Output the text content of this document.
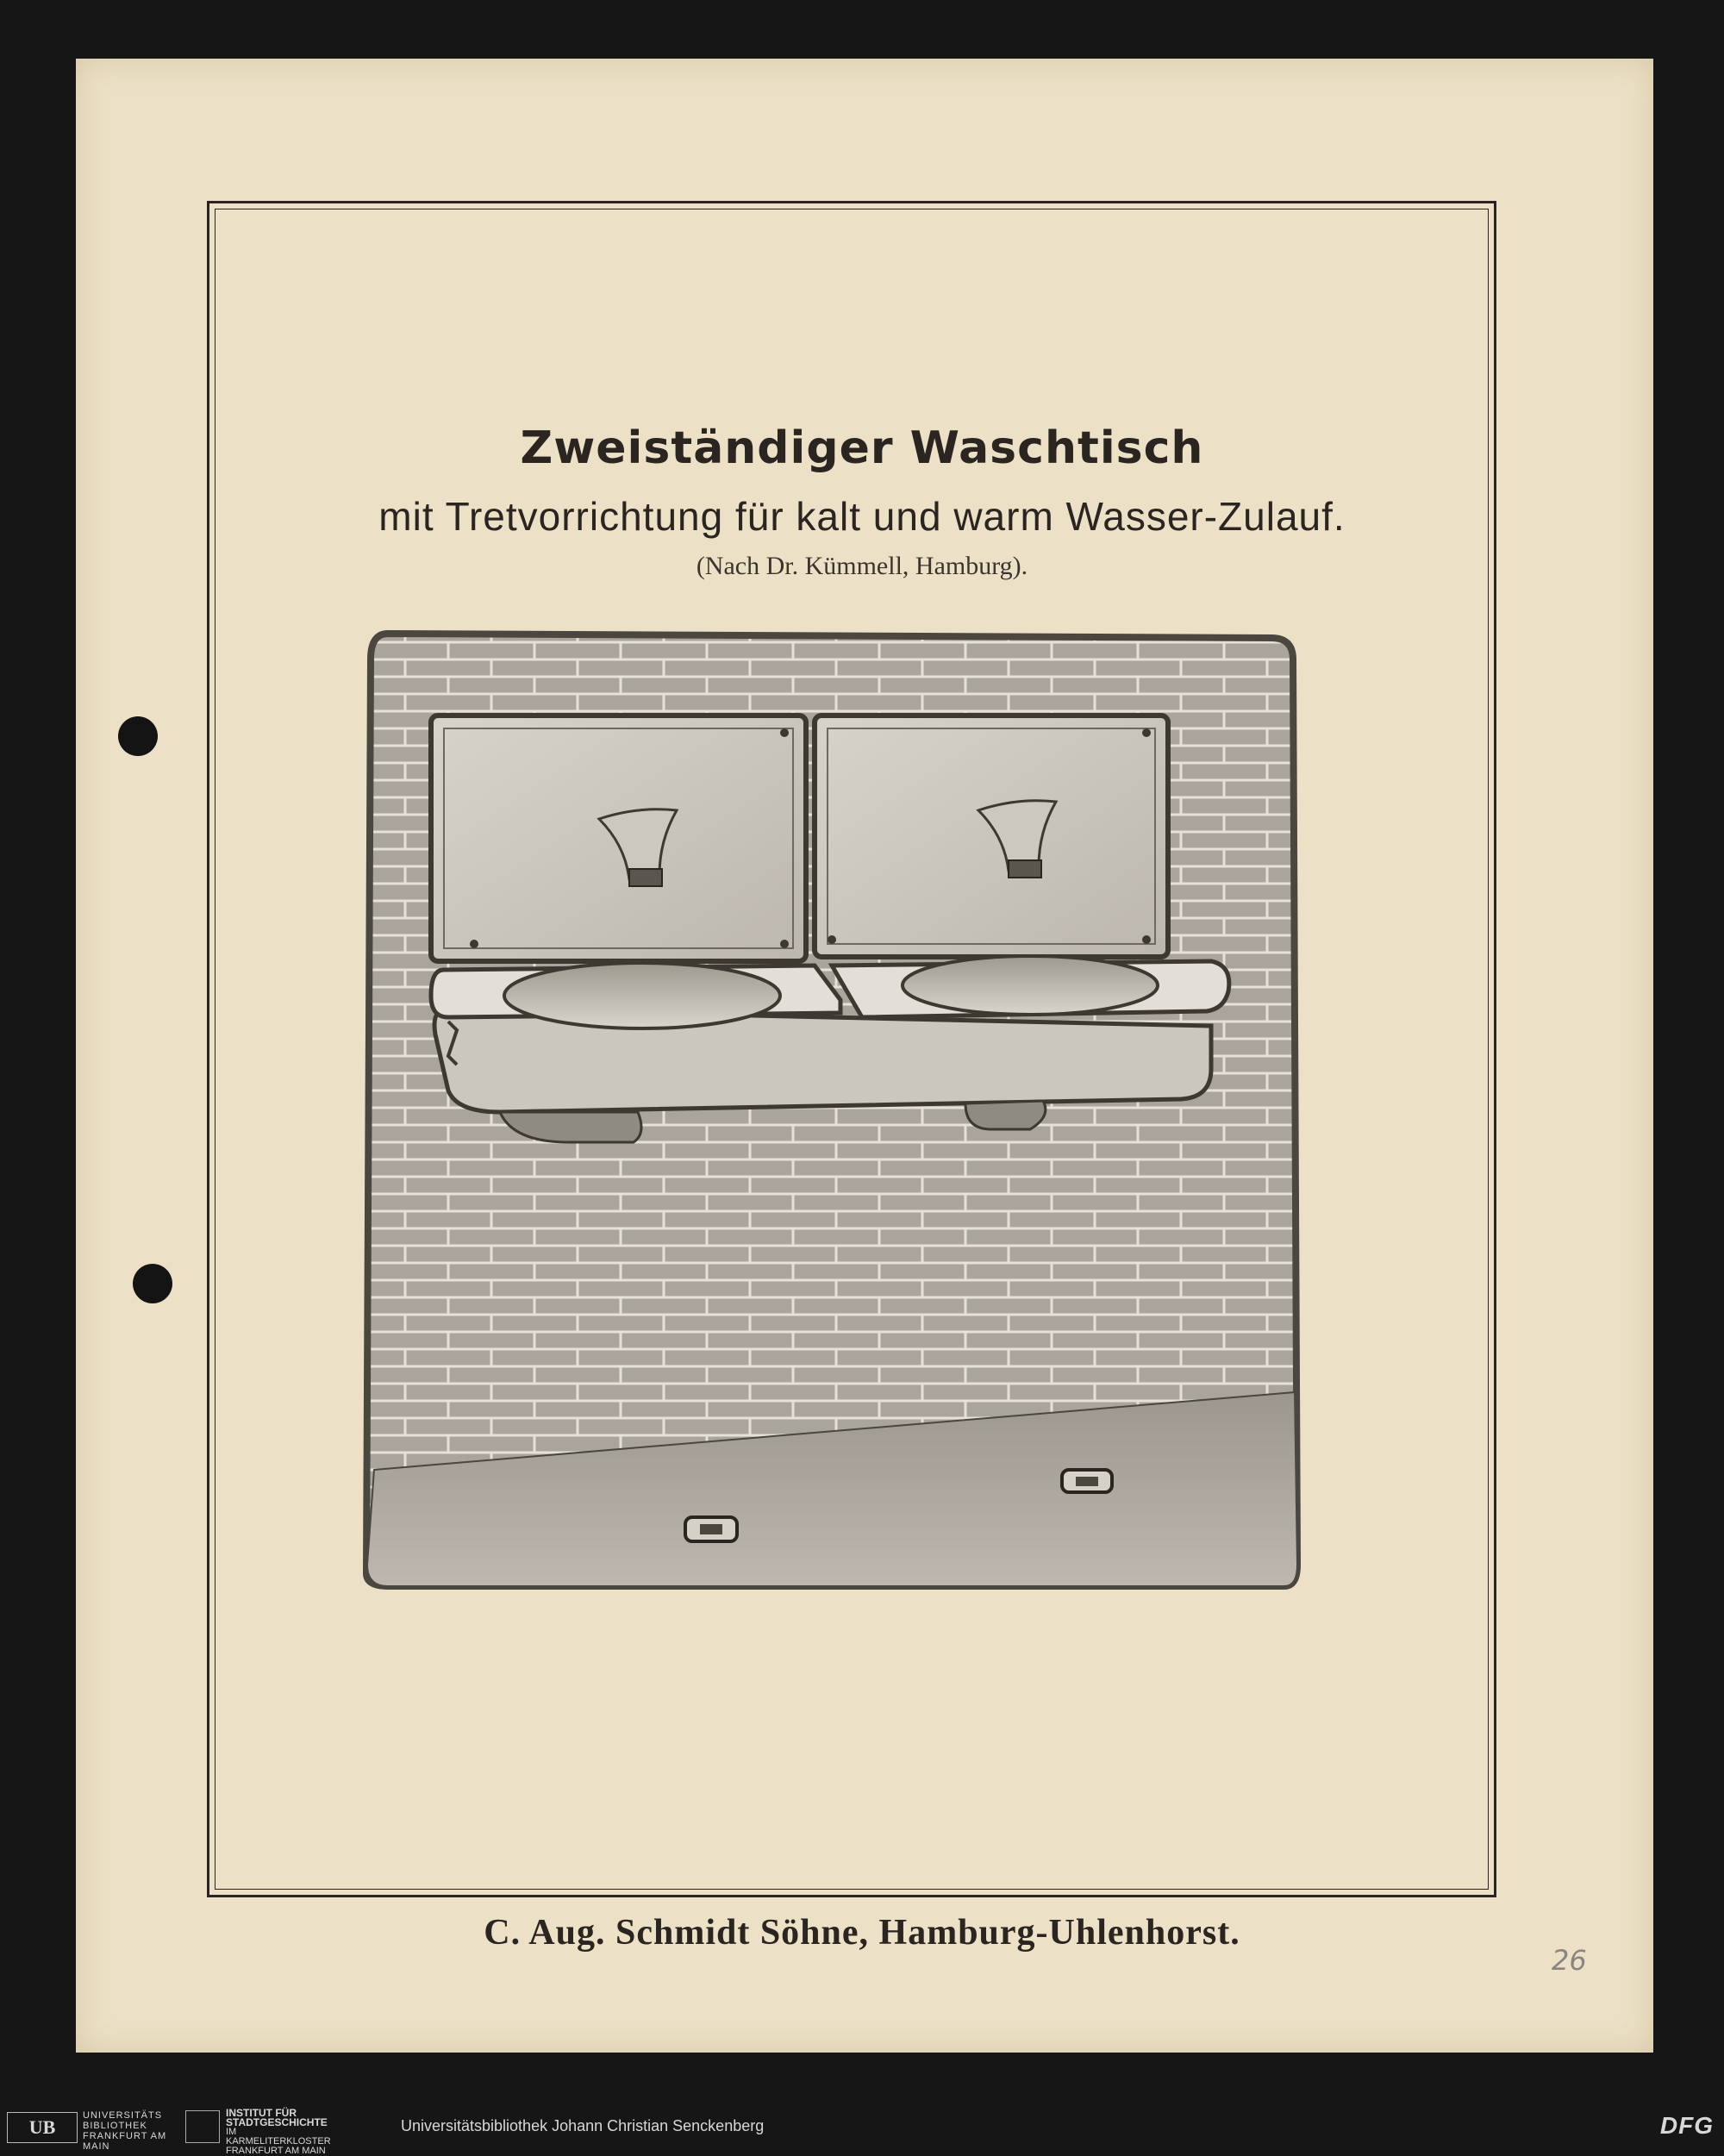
Zweiständiger Waschtisch
mit Tretvorrichtung für kalt und warm Wasser-Zulauf.
(Nach Dr. Kümmell, Hamburg).
C. Aug. Schmidt Söhne, Hamburg-Uhlenhorst.
26
UB
UNIVERSITÄTS
BIBLIOTHEK
FRANKFURT AM MAIN
INSTITUT FÜR
STADTGESCHICHTE
IM KARMELITERKLOSTER
FRANKFURT AM MAIN
Universitätsbibliothek Johann Christian Senckenberg	DFG
